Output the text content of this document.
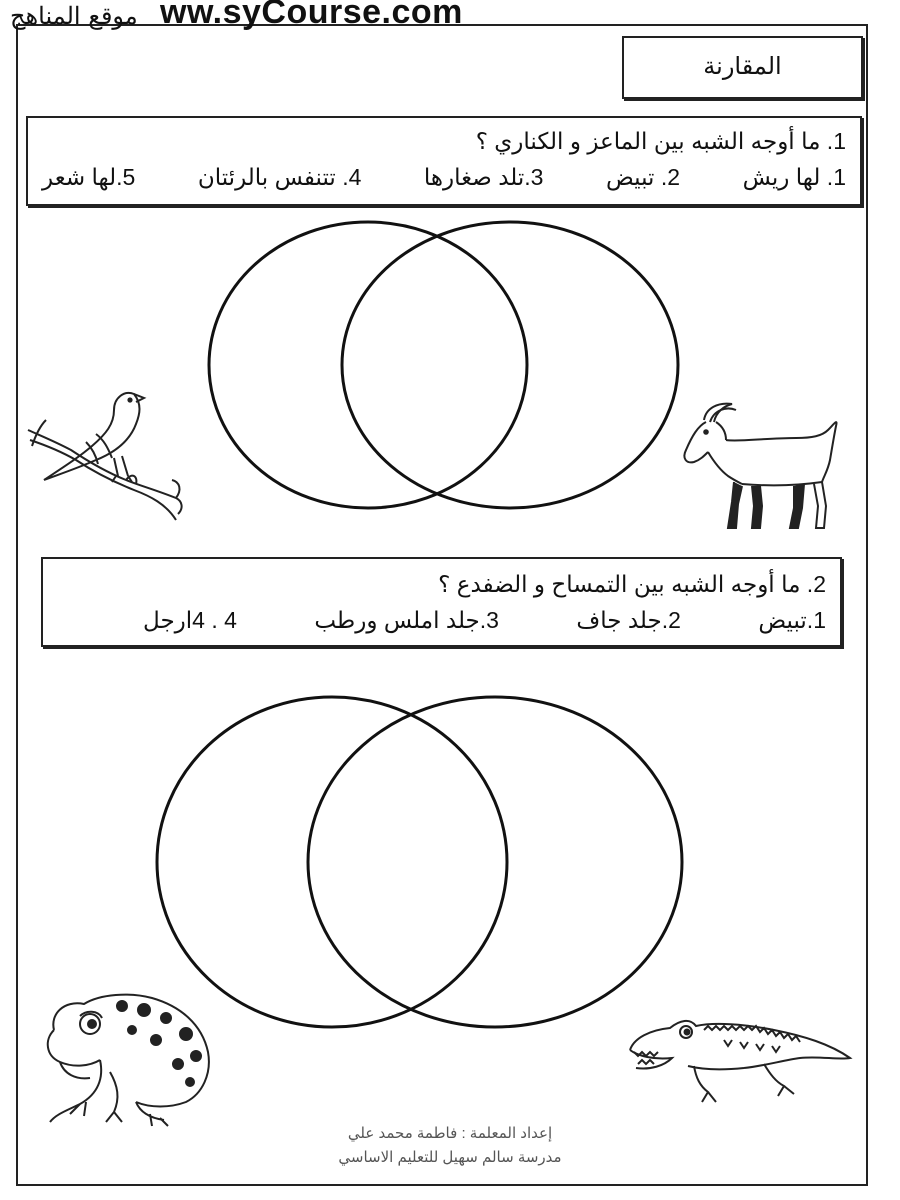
ww.syCourse.com
موقع المناهج
المقارنة
1. ما أوجه الشبه بين الماعز و الكناري ؟
1. لها ريش
2. تبيض
3.تلد صغارها
4. تتنفس بالرئتان
5.لها شعر
2. ما أوجه الشبه بين التمساح و الضفدع ؟
1.تبيض
2.جلد جاف
3.جلد املس ورطب
4 . 4ارجل
إعداد المعلمة : فاطمة محمد علي
مدرسة سالم سهيل للتعليم الاساسي
